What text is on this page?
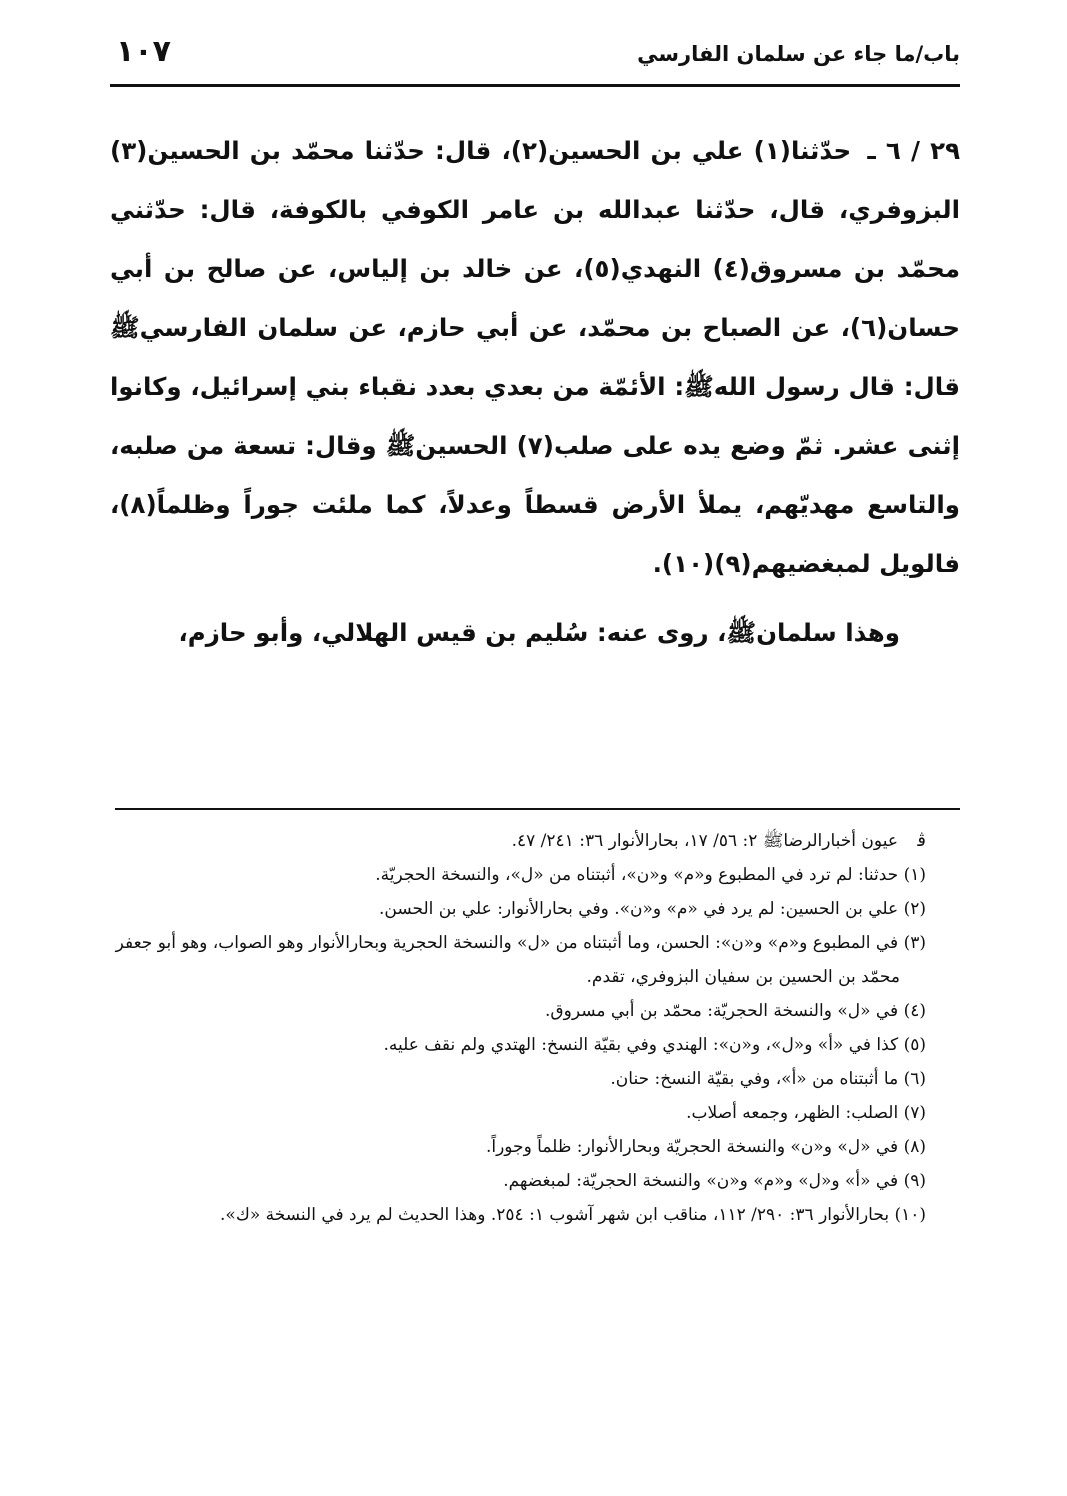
باب/ما جاء عن سلمان الفارسي
١٠٧

٢٩ / ٦ ـ حدّثنا(١) علي بن الحسين(٢)، قال: حدّثنا محمّد بن الحسين(٣) البزوفري، قال، حدّثنا عبدالله بن عامر الكوفي بالكوفة، قال: حدّثني محمّد بن مسروق(٤) النهدي(٥)، عن خالد بن إلياس، عن صالح بن أبي حسان(٦)، عن الصباح بن محمّد، عن أبي حازم، عن سلمان الفارسيﷺ قال: قال رسول اللهﷺ: الأئمّة من بعدي بعدد نقباء بني إسرائيل، وكانوا إثنى عشر. ثمّ وضع يده على صلب(٧) الحسينﷺ وقال: تسعة من صلبه، والتاسع مهديّهم، يملأ الأرض قسطاً وعدلاً، كما ملئت جوراً وظلماً(٨)، فالويل لمبغضيهم(٩)(١٠).

وهذا سلمانﷺ، روى عنه: سُليم بن قيس الهلالي، وأبو حازم،

ﭬ عيون أخبارالرضاﷺ ٢: ٥٦/ ١٧، بحارالأنوار ٣٦: ٢٤١/ ٤٧.

(١) حدثنا: لم ترد في المطبوع و«م» و«ن»، أثبتناه من «ل»، والنسخة الحجريّة.

(٢) علي بن الحسين: لم يرد في «م» و«ن». وفي بحارالأنوار: علي بن الحسن.

(٣) في المطبوع و«م» و«ن»: الحسن، وما أثبتناه من «ل» والنسخة الحجرية وبحارالأنوار وهو الصواب، وهو أبو جعفر محمّد بن الحسين بن سفيان البزوفري، تقدم.

(٤) في «ل» والنسخة الحجريّة: محمّد بن أبي مسروق.

(٥) كذا في «أ» و«ل»، و«ن»: الهندي وفي بقيّة النسخ: الهتدي ولم نقف عليه.

(٦) ما أثبتناه من «أ»، وفي بقيّة النسخ: حنان.

(٧) الصلب: الظهر، وجمعه أصلاب.

(٨) في «ل» و«ن» والنسخة الحجريّة وبحارالأنوار: ظلماً وجوراً.

(٩) في «أ» و«ل» و«م» و«ن» والنسخة الحجريّة: لمبغضهم.

(١٠) بحارالأنوار ٣٦: ٢٩٠/ ١١٢، مناقب ابن شهر آشوب ١: ٢٥٤. وهذا الحديث لم يرد في النسخة «ك».
